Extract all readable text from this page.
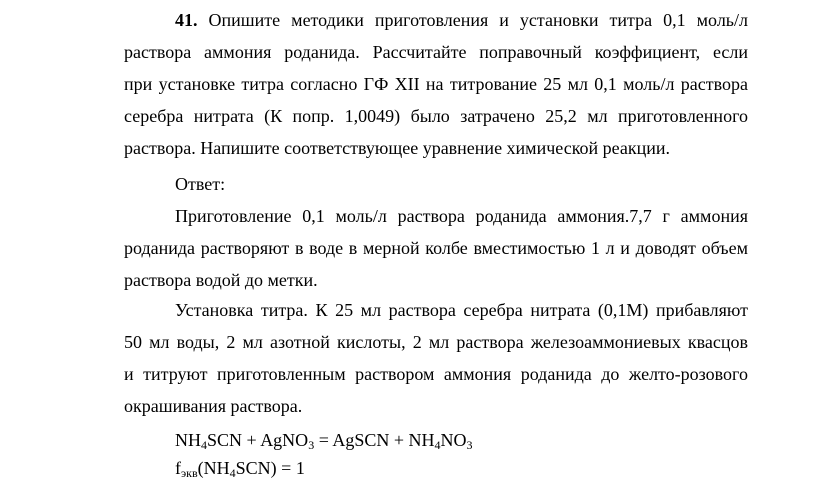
41. Опишите методики приготовления и установки титра 0,1 моль/л
раствора аммония роданида. Рассчитайте поправочный коэффициент, если
при установке титра согласно ГФ XII на титрование 25 мл 0,1 моль/л раствора
серебра нитрата (К попр. 1,0049) было затрачено 25,2 мл приготовленного
раствора. Напишите соответствующее уравнение химической реакции.
Ответ:
Приготовление 0,1 моль/л раствора роданида аммония.7,7 г аммония
роданида растворяют в воде в мерной колбе вместимостью 1 л и доводят объем
раствора водой до метки.
Установка титра. К 25 мл раствора серебра нитрата (0,1М) прибавляют
50 мл воды, 2 мл азотной кислоты, 2 мл раствора железоаммониевых квасцов
и титруют приготовленным раствором аммония роданида до желто-розового
окрашивания раствора.
$NH_4SCN$ + AgNO$_3$ = AgSCN + $NH_4NO_3$
$f_{экв}(NH_4SCN) = 1$
